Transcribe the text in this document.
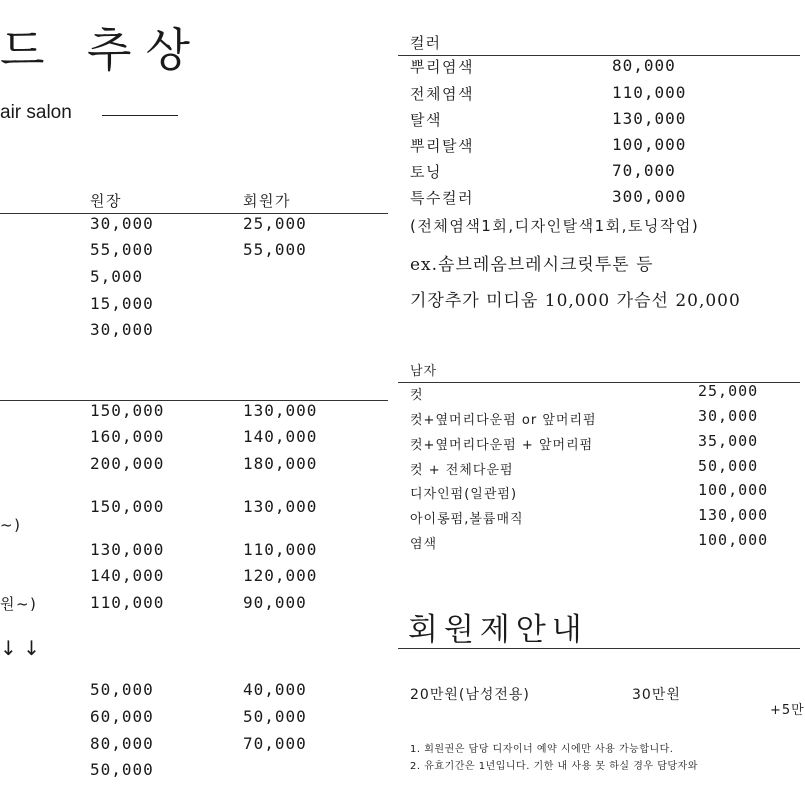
드 추상
air salon
원장	회원가
30,000	25,000
55,000	55,000
5,000
15,000
30,000
150,000	130,000
160,000	140,000
200,000	180,000
150,000	130,000
~)
130,000	110,000
140,000	120,000
원~)	110,000	90,000
↓ ↓
50,000	40,000
60,000	50,000
80,000	70,000
50,000
컬러
뿌리염색	80,000
전체염색	110,000
탈색	130,000
뿌리탈색	100,000
토닝	70,000
특수컬러	300,000
(전체염색1회,디자인탈색1회,토닝작업)
ex.솜브레옴브레시크릿투톤 등
기장추가 미디움 10,000 가슴선 20,000
남자
컷	25,000
컷+옆머리다운펌 or 앞머리펌	30,000
컷+옆머리다운펌 + 앞머리펌	35,000
컷 + 전체다운펌	50,000
디자인펌(일관펌)	100,000
아이롱펌,볼륨매직	130,000
염색	100,000
회원제안내
20만원(남성전용)	30만원
+5만
1. 회원권은 담당 디자이너 예약 시에만 사용 가능합니다.
2. 유효기간은 1년입니다. 기한 내 사용 못 하실 경우 담당자와
